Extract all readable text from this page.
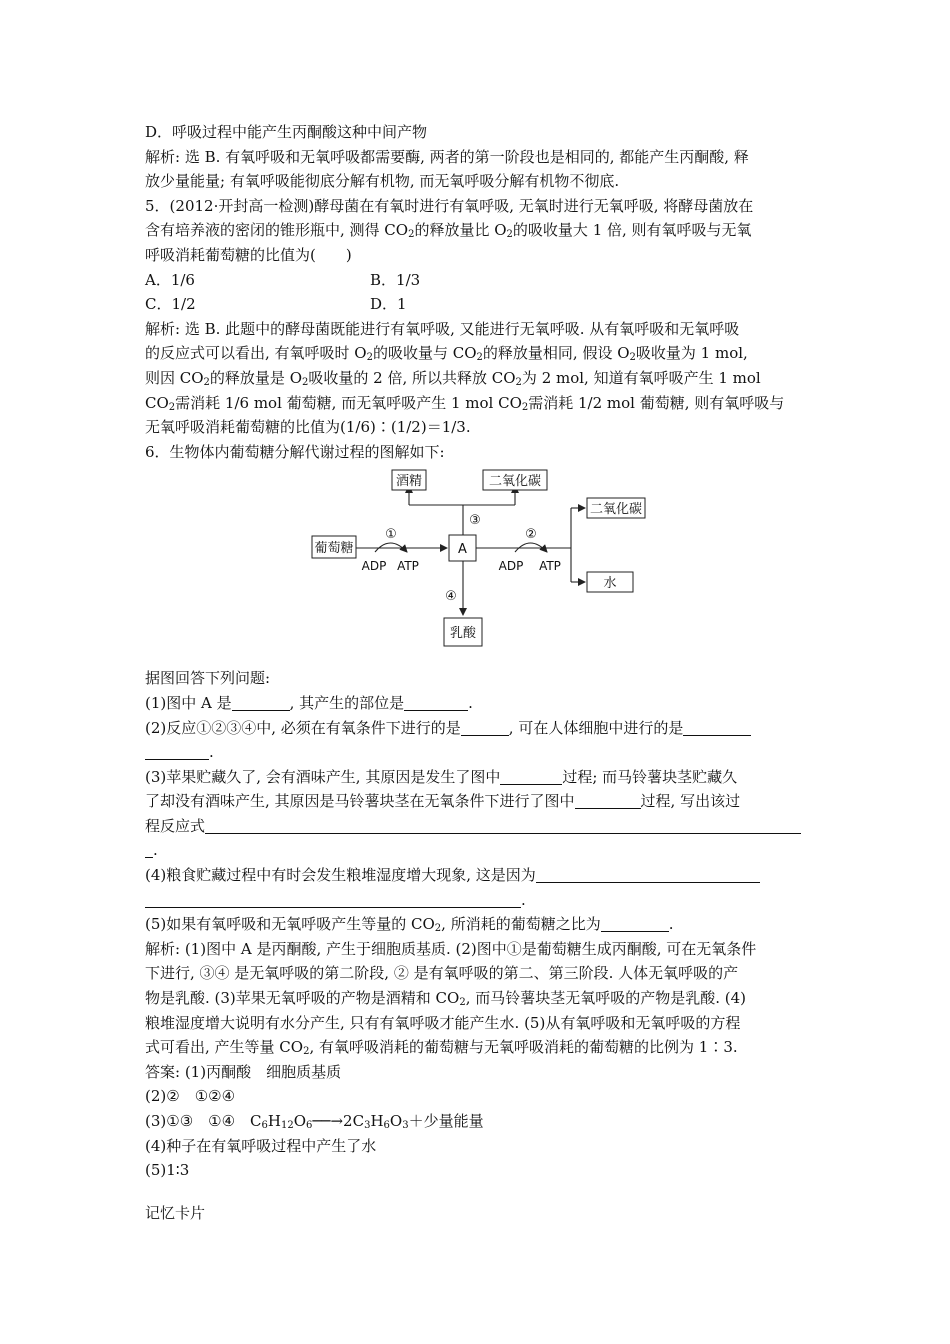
D．呼吸过程中能产生丙酮酸这种中间产物
解析: 选 B. 有氧呼吸和无氧呼吸都需要酶, 两者的第一阶段也是相同的, 都能产生丙酮酸, 释
放少量能量; 有氧呼吸能彻底分解有机物, 而无氧呼吸分解有机物不彻底.
5．(2012·开封高一检测)酵母菌在有氧时进行有氧呼吸, 无氧时进行无氧呼吸, 将酵母菌放在
含有培养液的密闭的锥形瓶中, 测得 $CO_2$的释放量比 $O_2$的吸收量大 1 倍, 则有氧呼吸与无氧
呼吸消耗葡萄糖的比值为(　　)
A．1/6	B．1/3
C．1/2	D．1
解析: 选 B. 此题中的酵母菌既能进行有氧呼吸, 又能进行无氧呼吸. 从有氧呼吸和无氧呼吸
的反应式可以看出, 有氧呼吸时 $O_2$的吸收量与 $CO_2$的释放量相同, 假设 $O_2$吸收量为 1 mol,
则因 $CO_2$的释放量是 $O_2$吸收量的 2 倍, 所以共释放 $CO_2$为 2 mol, 知道有氧呼吸产生 1 mol
$CO_2$需消耗 1/6 mol 葡萄糖, 而无氧呼吸产生 1 mol $CO_2$需消耗 1/2 mol 葡萄糖, 则有氧呼吸与
无氧呼吸消耗葡萄糖的比值为(1/6)∶(1/2)＝1/3.
6．生物体内葡萄糖分解代谢过程的图解如下:
酒精	二氧化碳
葡萄糖	A
二氧化碳
水
乳酸
①	②
③
④
ADP ATP	ADP ATP
据图回答下列问题:
(1)图中 A 是	, 其产生的部位是	.
(2)反应①②③④中, 必须在有氧条件下进行的是	, 可在人体细胞中进行的是
.
(3)苹果贮藏久了, 会有酒味产生, 其原因是发生了图中	过程; 而马铃薯块茎贮藏久
了却没有酒味产生, 其原因是马铃薯块茎在无氧条件下进行了图中	过程, 写出该过
程反应式
.
(4)粮食贮藏过程中有时会发生粮堆湿度增大现象, 这是因为
.
(5)如果有氧呼吸和无氧呼吸产生等量的 $CO_2$, 所消耗的葡萄糖之比为	.
解析: (1)图中 A 是丙酮酸, 产生于细胞质基质. (2)图中①是葡萄糖生成丙酮酸, 可在无氧条件
下进行, ③④ 是无氧呼吸的第二阶段, ② 是有氧呼吸的第二、第三阶段. 人体无氧呼吸的产
物是乳酸. (3)苹果无氧呼吸的产物是酒精和 $CO_2$, 而马铃薯块茎无氧呼吸的产物是乳酸. (4)
粮堆湿度增大说明有水分产生, 只有有氧呼吸才能产生水. (5)从有氧呼吸和无氧呼吸的方程
式可看出, 产生等量 $CO_2$, 有氧呼吸消耗的葡萄糖与无氧呼吸消耗的葡萄糖的比例为 1∶3.
答案: (1)丙酮酸　细胞质基质
(2)②　①②④
(3)①③　①④　$C_6H_{12}O_6──\to 2C_3H_6O_3+$少量能量
(4)种子在有氧呼吸过程中产生了水
(5)1∶3
记忆卡片
